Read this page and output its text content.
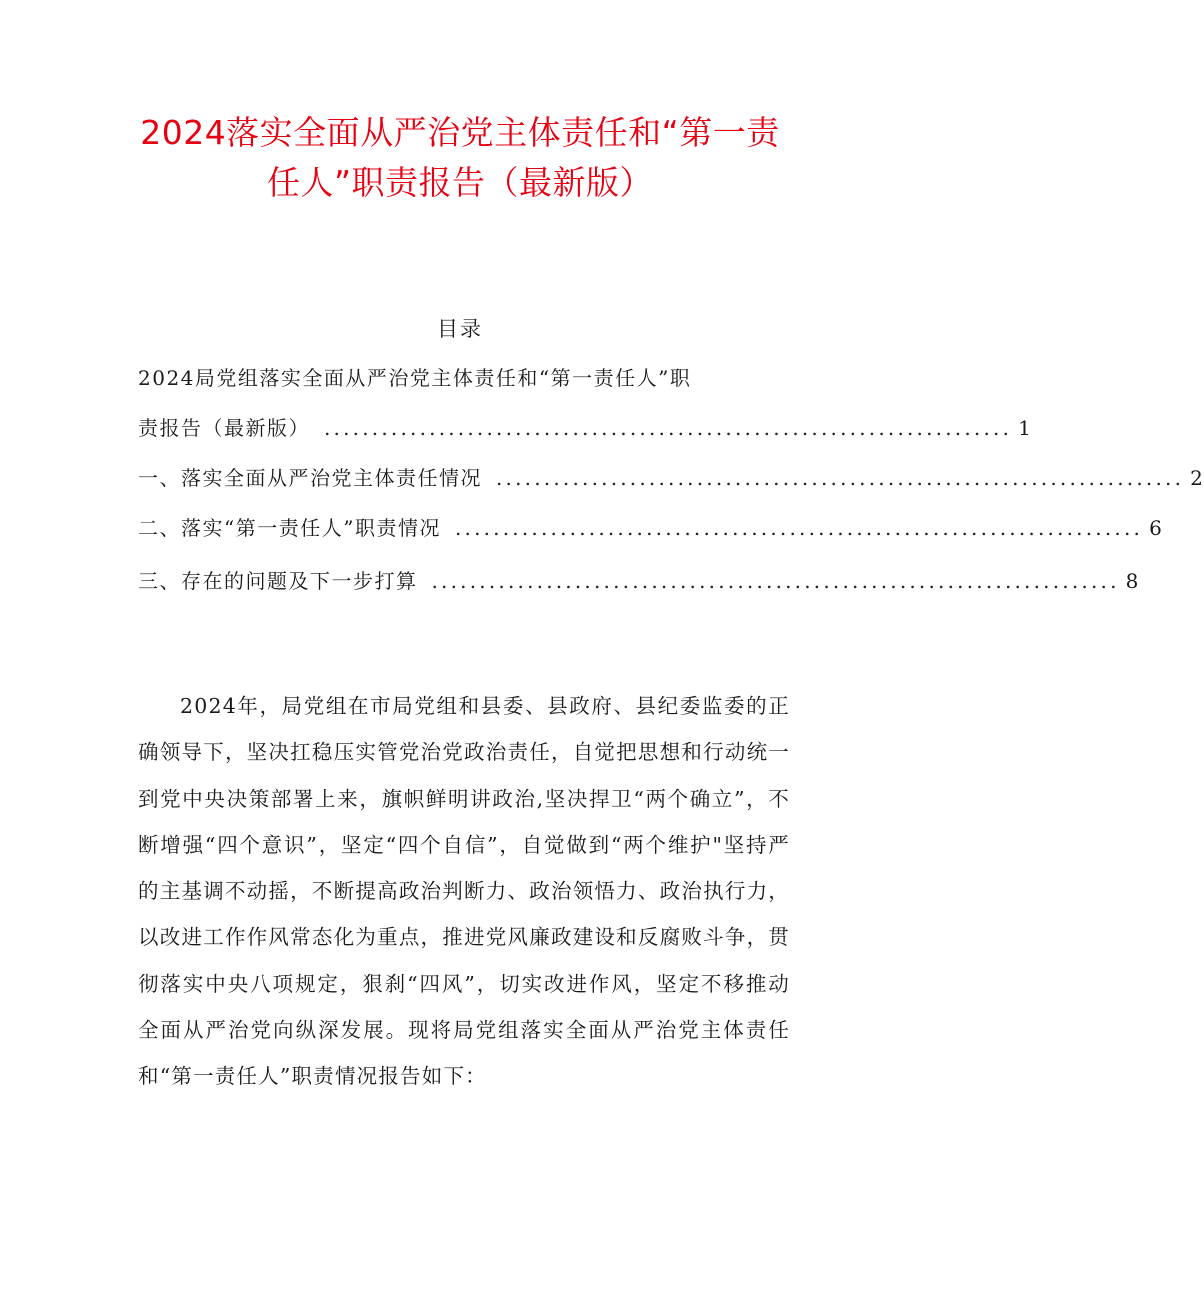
2024落实全面从严治党主体责任和“第一责
任人”职责报告（最新版）
目录
2024局党组落实全面从严治党主体责任和“第一责任人”职
责报告（最新版） ........................................................................ 1
一、落实全面从严治党主体责任情况 ........................................................................ 2
二、落实“第一责任人”职责情况 ........................................................................ 6
三、存在的问题及下一步打算 ........................................................................ 8

2024年，局党组在市局党组和县委、县政府、县纪委监委的正确领导下，坚决扛稳压实管党治党政治责任，自觉把思想和行动统一到党中央决策部署上来，旗帜鲜明讲政治,坚决捍卫“两个确立”，不断增强“四个意识”，坚定“四个自信”，自觉做到“两个维护"坚持严的主基调不动摇，不断提高政治判断力、政治领悟力、政治执行力，以改进工作作风常态化为重点，推进党风廉政建设和反腐败斗争，贯彻落实中央八项规定，狠刹“四风”，切实改进作风，坚定不移推动全面从严治党向纵深发展。现将局党组落实全面从严治党主体责任和“第一责任人”职责情况报告如下：
